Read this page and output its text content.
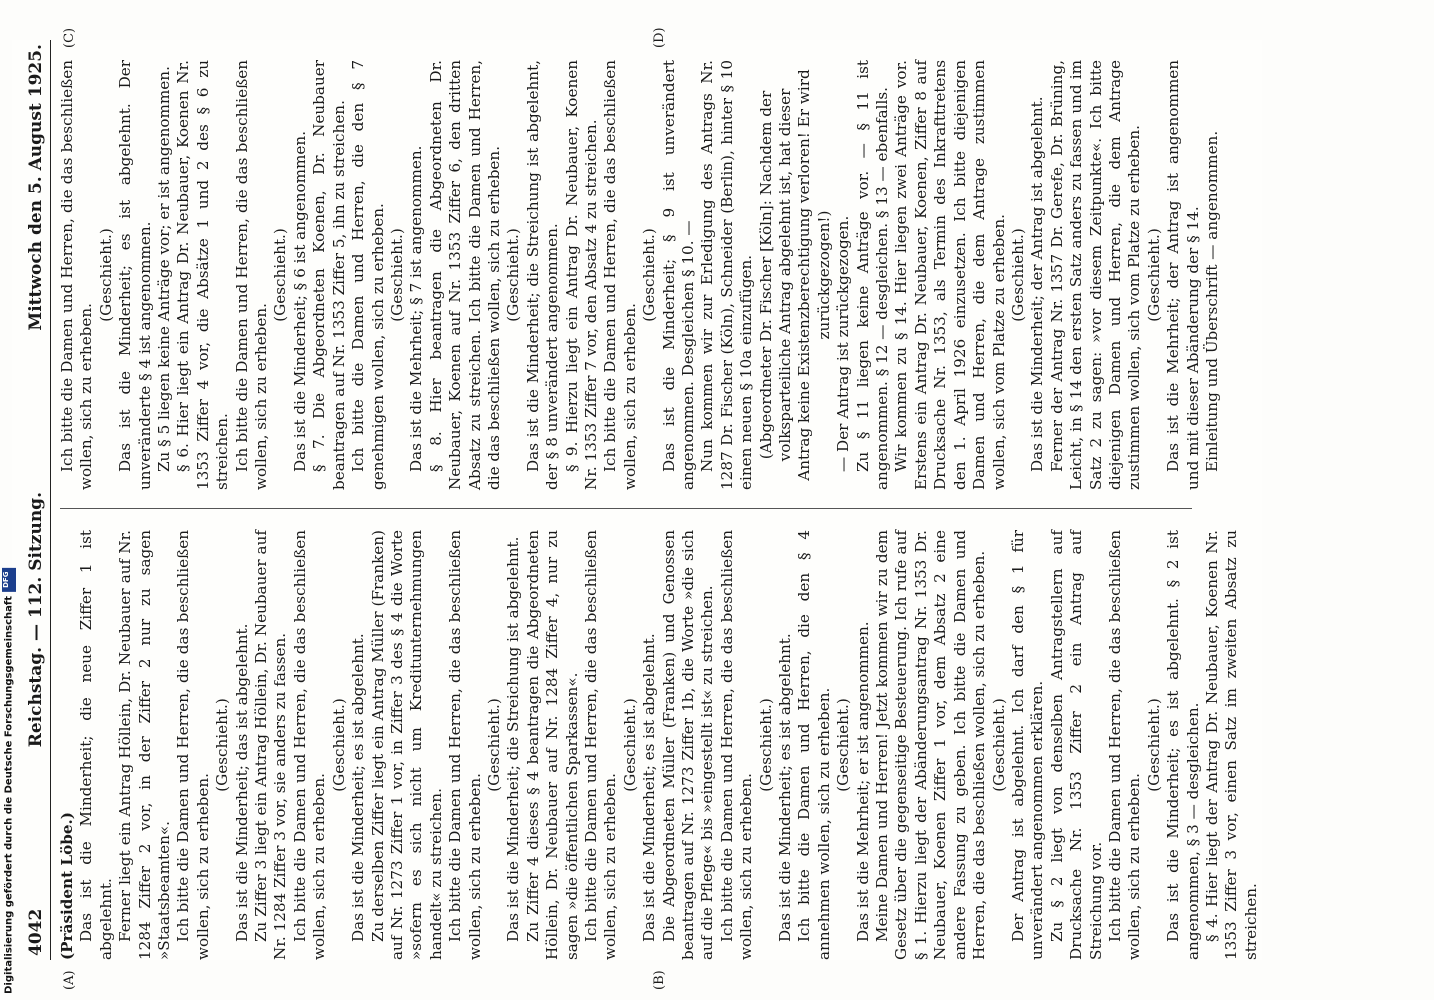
4042
Reichstag. — 112. Sitzung.
Mittwoch den 5. August 1925.
(A)	(B)
(C)	(D)

(Präsident Löbe.) Das ist die Minderheit; die neue Ziffer 1 ist abgelehnt. Ferner liegt ein Antrag Höllein, Dr. Neubauer auf Nr. 1284 Ziffer 2 vor, in der Ziffer 2 nur zu sagen »Staatsbeamten«. Ich bitte die Damen und Herren, die das beschließen wollen, sich zu erheben.

(Geschieht.) Das ist die Minderheit; das ist abgelehnt. Zu Ziffer 3 liegt ein Antrag Höllein, Dr. Neubauer auf Nr. 1284 Ziffer 3 vor, sie anders zu fassen. Ich bitte die Damen und Herren, die das beschließen wollen, sich zu erheben.

(Geschieht.) Das ist die Minderheit; es ist abgelehnt. Zu derselben Ziffer liegt ein Antrag Müller (Franken) auf Nr. 1273 Ziffer 1 vor, in Ziffer 3 des § 4 die Worte »sofern es sich nicht um Kreditunternehmungen handelt« zu streichen. Ich bitte die Damen und Herren, die das beschließen wollen, sich zu erheben.

(Geschieht.) Das ist die Minderheit; die Streichung ist abgelehnt. Zu Ziffer 4 dieses § 4 beantragen die Abgeordneten Höllein, Dr. Neubauer auf Nr. 1284 Ziffer 4, nur zu sagen »die öffentlichen Sparkassen«. Ich bitte die Damen und Herren, die das beschließen wollen, sich zu erheben.

(Geschieht.) Das ist die Minderheit; es ist abgelehnt. Die Abgeordneten Müller (Franken) und Genossen beantragen auf Nr. 1273 Ziffer 1b, die Worte »die sich auf die Pflege« bis »eingestellt ist« zu streichen. Ich bitte die Damen und Herren, die das beschließen wollen, sich zu erheben.

(Geschieht.) Das ist die Minderheit; es ist abgelehnt. Ich bitte die Damen und Herren, die den § 4 annehmen wollen, sich zu erheben. (Geschieht.) Das ist die Mehrheit; er ist angenommen. Meine Damen und Herren! Jetzt kommen wir zu dem Gesetz über die gegenseitige Besteuerung. Ich rufe auf § 1. Hierzu liegt der Abänderungsantrag Nr. 1353 Dr. Neubauer, Koenen Ziffer 1 vor, dem Absatz 2 eine andere Fassung zu geben. Ich bitte die Damen und Herren, die das beschließen wollen, sich zu erheben. (Geschieht.) Der Antrag ist abgelehnt. Ich darf den § 1 für unverändert angenommen erklären. Zu § 2 liegt von denselben Antragstellern auf Drucksache Nr. 1353 Ziffer 2 ein Antrag auf Streichung vor. Ich bitte die Damen und Herren, die das beschließen wollen, sich zu erheben.

(Geschieht.) Das ist die Minderheit; es ist abgelehnt. § 2 ist angenommen, § 3 — desgleichen. § 4. Hier liegt der Antrag Dr. Neubauer, Koenen Nr. 1353 Ziffer 3 vor, einen Satz im zweiten Absatz zu streichen.

Ich bitte die Damen und Herren, die das beschließen wollen, sich zu erheben.

(Geschieht.) Das ist die Minderheit; es ist abgelehnt. Der unveränderte § 4 ist angenommen. Zu § 5 liegen keine Anträge vor; er ist angenommen. § 6. Hier liegt ein Antrag Dr. Neubauer, Koenen Nr. 1353 Ziffer 4 vor, die Absätze 1 und 2 des § 6 zu streichen. Ich bitte die Damen und Herren, die das beschließen wollen, sich zu erheben.

(Geschieht.) Das ist die Minderheit; § 6 ist angenommen. § 7. Die Abgeordneten Koenen, Dr. Neubauer beantragen auf Nr. 1353 Ziffer 5, ihn zu streichen. Ich bitte die Damen und Herren, die den § 7 genehmigen wollen, sich zu erheben. (Geschieht.) Das ist die Mehrheit; § 7 ist angenommen. § 8. Hier beantragen die Abgeordneten Dr. Neubauer, Koenen auf Nr. 1353 Ziffer 6, den dritten Absatz zu streichen. Ich bitte die Damen und Herren, die das beschließen wollen, sich zu erheben. (Geschieht.) Das ist die Minderheit; die Streichung ist abgelehnt, der § 8 unverändert angenommen. § 9. Hierzu liegt ein Antrag Dr. Neubauer, Koenen Nr. 1353 Ziffer 7 vor, den Absatz 4 zu streichen. Ich bitte die Damen und Herren, die das beschließen wollen, sich zu erheben.

(Geschieht.) Das ist die Minderheit; § 9 ist unverändert angenommen. Desgleichen § 10. — Nun kommen wir zur Erledigung des Antrags Nr. 1287 Dr. Fischer (Köln), Schneider (Berlin), hinter § 10 einen neuen § 10a einzufügen. (Abgeordneter Dr. Fischer [Köln]: Nachdem der volksparteiliche Antrag abgelehnt ist, hat dieser Antrag keine Existenzberechtigung verloren! Er wird zurückgezogen!) — Der Antrag ist zurückgezogen. Zu § 11 liegen keine Anträge vor. — § 11 ist angenommen. § 12 — desgleichen. § 13 — ebenfalls. Wir kommen zu § 14. Hier liegen zwei Anträge vor. Erstens ein Antrag Dr. Neubauer, Koenen, Ziffer 8 auf Drucksache Nr. 1353, als Termin des Inkrafttretens den 1. April 1926 einzusetzen. Ich bitte diejenigen Damen und Herren, die dem Antrage zustimmen wollen, sich vom Platze zu erheben. (Geschieht.) Das ist die Minderheit; der Antrag ist abgelehnt. Ferner der Antrag Nr. 1357 Dr. Gerefe, Dr. Brüning, Leicht, in § 14 den ersten Satz anders zu fassen und im Satz 2 zu sagen: »vor diesem Zeitpunkte«. Ich bitte diejenigen Damen und Herren, die dem Antrage zustimmen wollen, sich vom Platze zu erheben. (Geschieht.) Das ist die Mehrheit; der Antrag ist angenommen und mit dieser Abänderung der § 14. Einleitung und Überschrift — angenommen.

Digitalisierung gefördert durch die Deutsche Forschungsgemeinschaft
DFG
